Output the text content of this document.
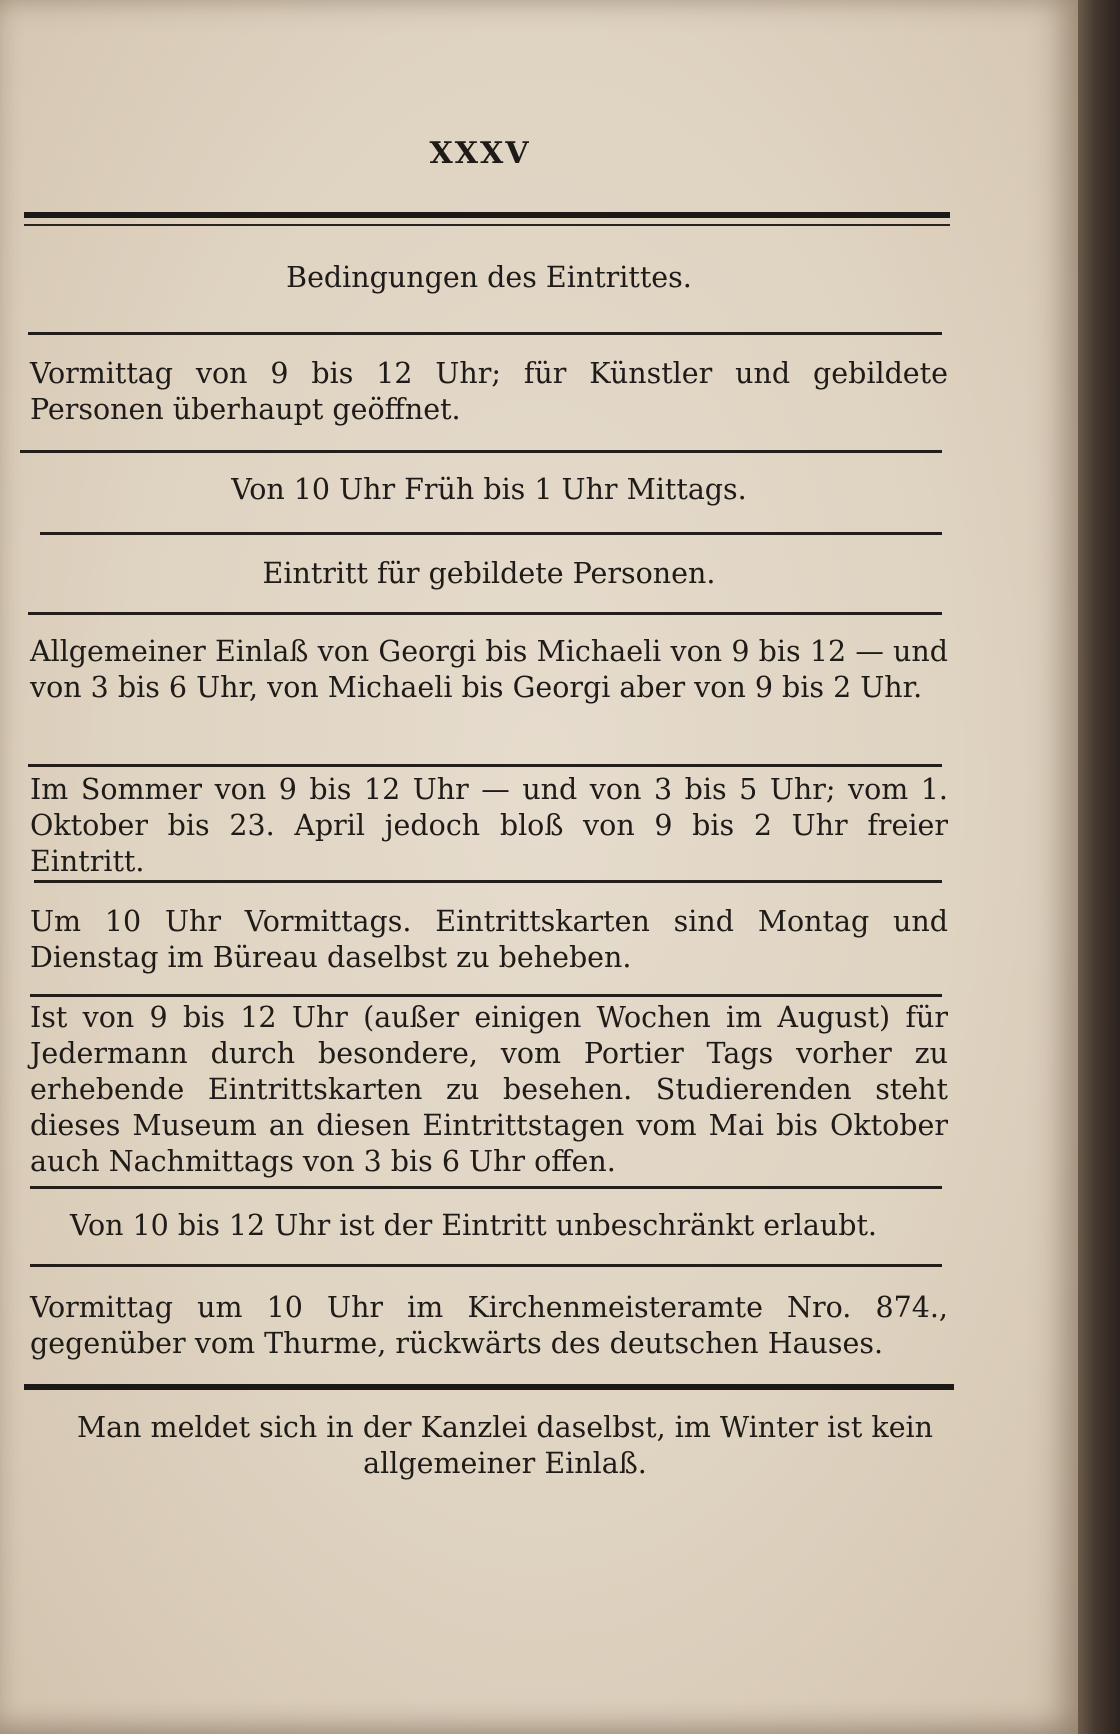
XXXV
Bedingungen des Eintrittes.
Vormittag von 9 bis 12 Uhr; für Künstler und gebildete Personen überhaupt geöffnet.
Von 10 Uhr Früh bis 1 Uhr Mittags.
Eintritt für gebildete Personen.
Allgemeiner Einlaß von Georgi bis Michaeli von 9 bis 12 — und von 3 bis 6 Uhr, von Michaeli bis Georgi aber von 9 bis 2 Uhr.
Im Sommer von 9 bis 12 Uhr — und von 3 bis 5 Uhr; vom 1. Oktober bis 23. April jedoch bloß von 9 bis 2 Uhr freier Eintritt.
Um 10 Uhr Vormittags. Eintrittskarten sind Montag und Dienstag im Büreau daselbst zu beheben.
Ist von 9 bis 12 Uhr (außer einigen Wochen im August) für Jedermann durch besondere, vom Portier Tags vorher zu erhebende Eintrittskarten zu besehen. Studierenden steht dieses Museum an diesen Eintrittstagen vom Mai bis Oktober auch Nachmittags von 3 bis 6 Uhr offen.
Von 10 bis 12 Uhr ist der Eintritt unbeschränkt erlaubt.
Vormittag um 10 Uhr im Kirchenmeisteramte Nro. 874., gegenüber vom Thurme, rückwärts des deutschen Hauses.
Man meldet sich in der Kanzlei daselbst, im Winter ist kein allgemeiner Einlaß.
